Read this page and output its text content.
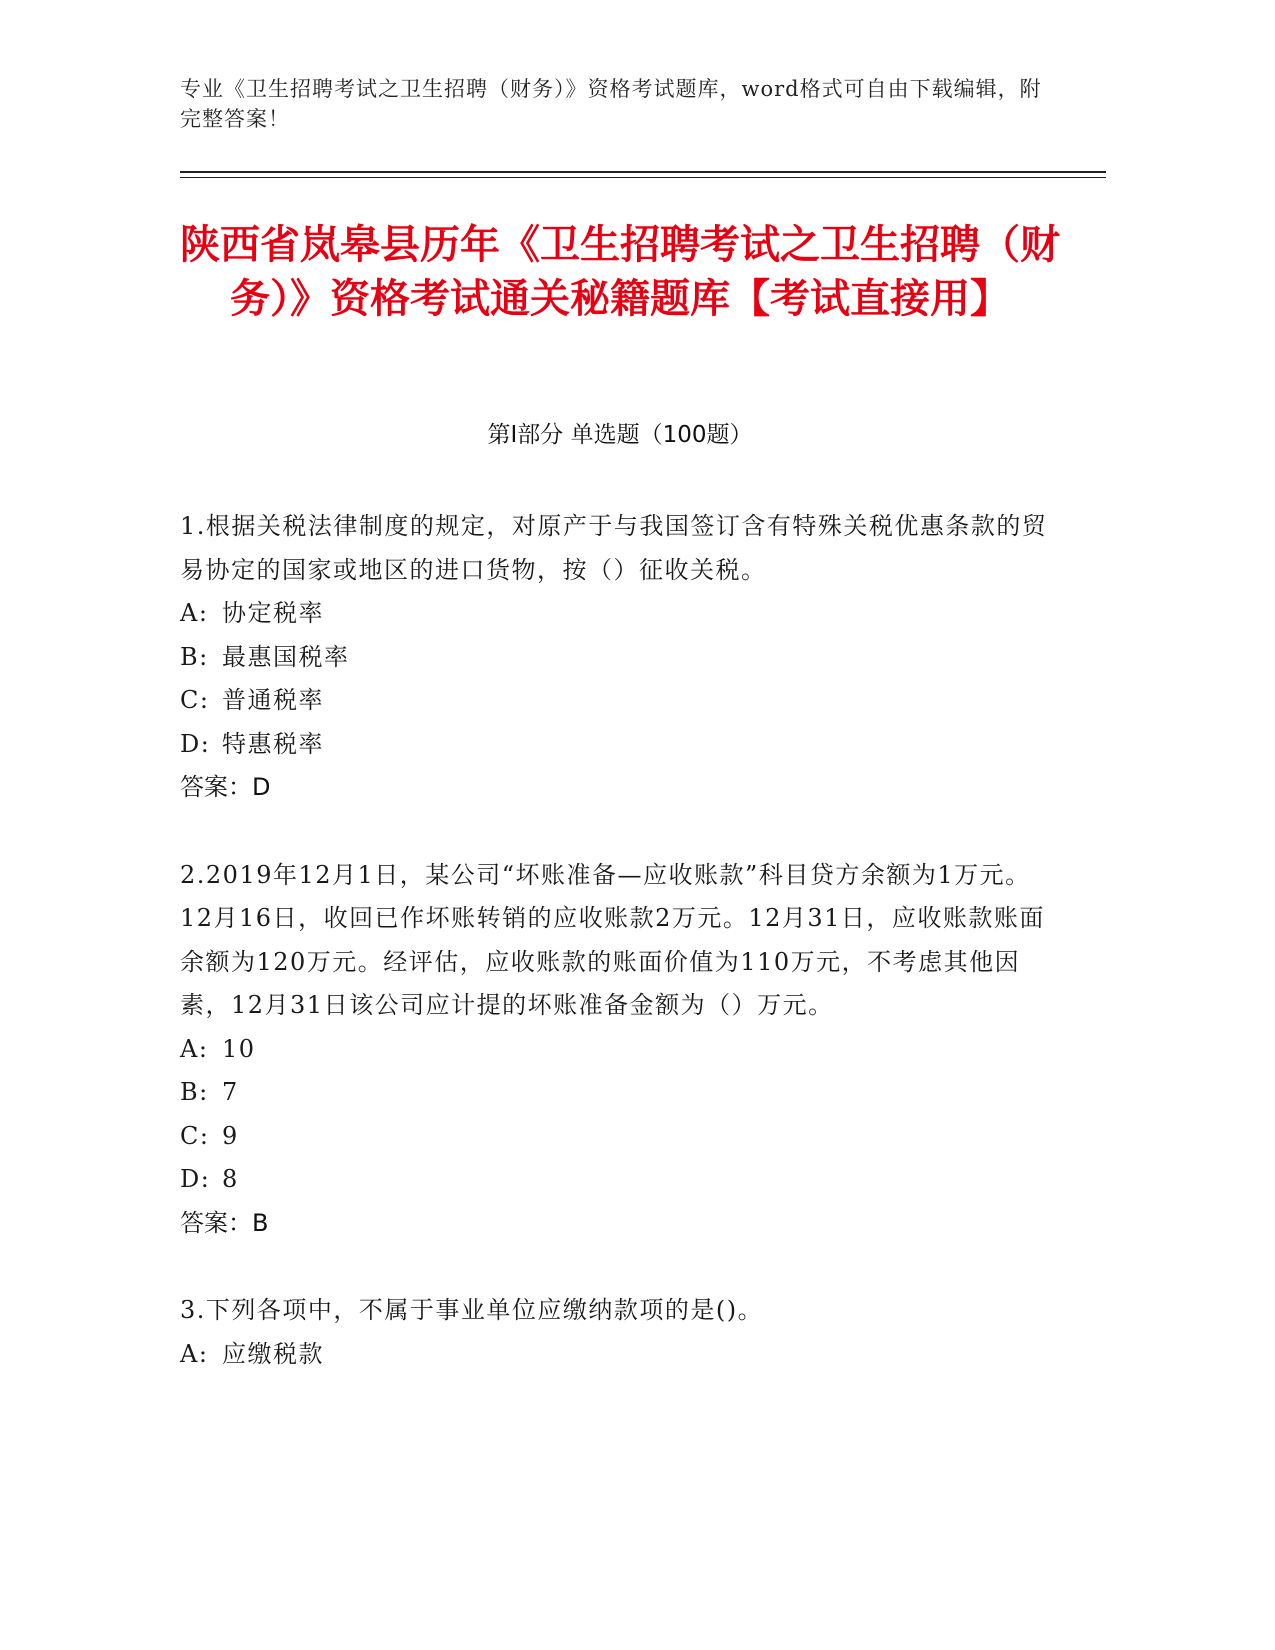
专业《卫生招聘考试之卫生招聘（财务）》资格考试题库，word格式可自由下载编辑，附完整答案！
陕西省岚皋县历年《卫生招聘考试之卫生招聘（财务）》资格考试通关秘籍题库【考试直接用】
第Ⅰ部分 单选题（100题）

1.根据关税法律制度的规定，对原产于与我国签订含有特殊关税优惠条款的贸易协定的国家或地区的进口货物，按（）征收关税。

A: 协定税率

B: 最惠国税率

C: 普通税率

D: 特惠税率

答案：D

2.2019年12月1日，某公司“坏账准备—应收账款”科目贷方余额为1万元。12月16日，收回已作坏账转销的应收账款2万元。12月31日，应收账款账面余额为120万元。经评估，应收账款的账面价值为110万元，不考虑其他因素，12月31日该公司应计提的坏账准备金额为（）万元。

A: 10

B: 7

C: 9

D: 8

答案：B

3.下列各项中，不属于事业单位应缴纳款项的是()。

A: 应缴税款
